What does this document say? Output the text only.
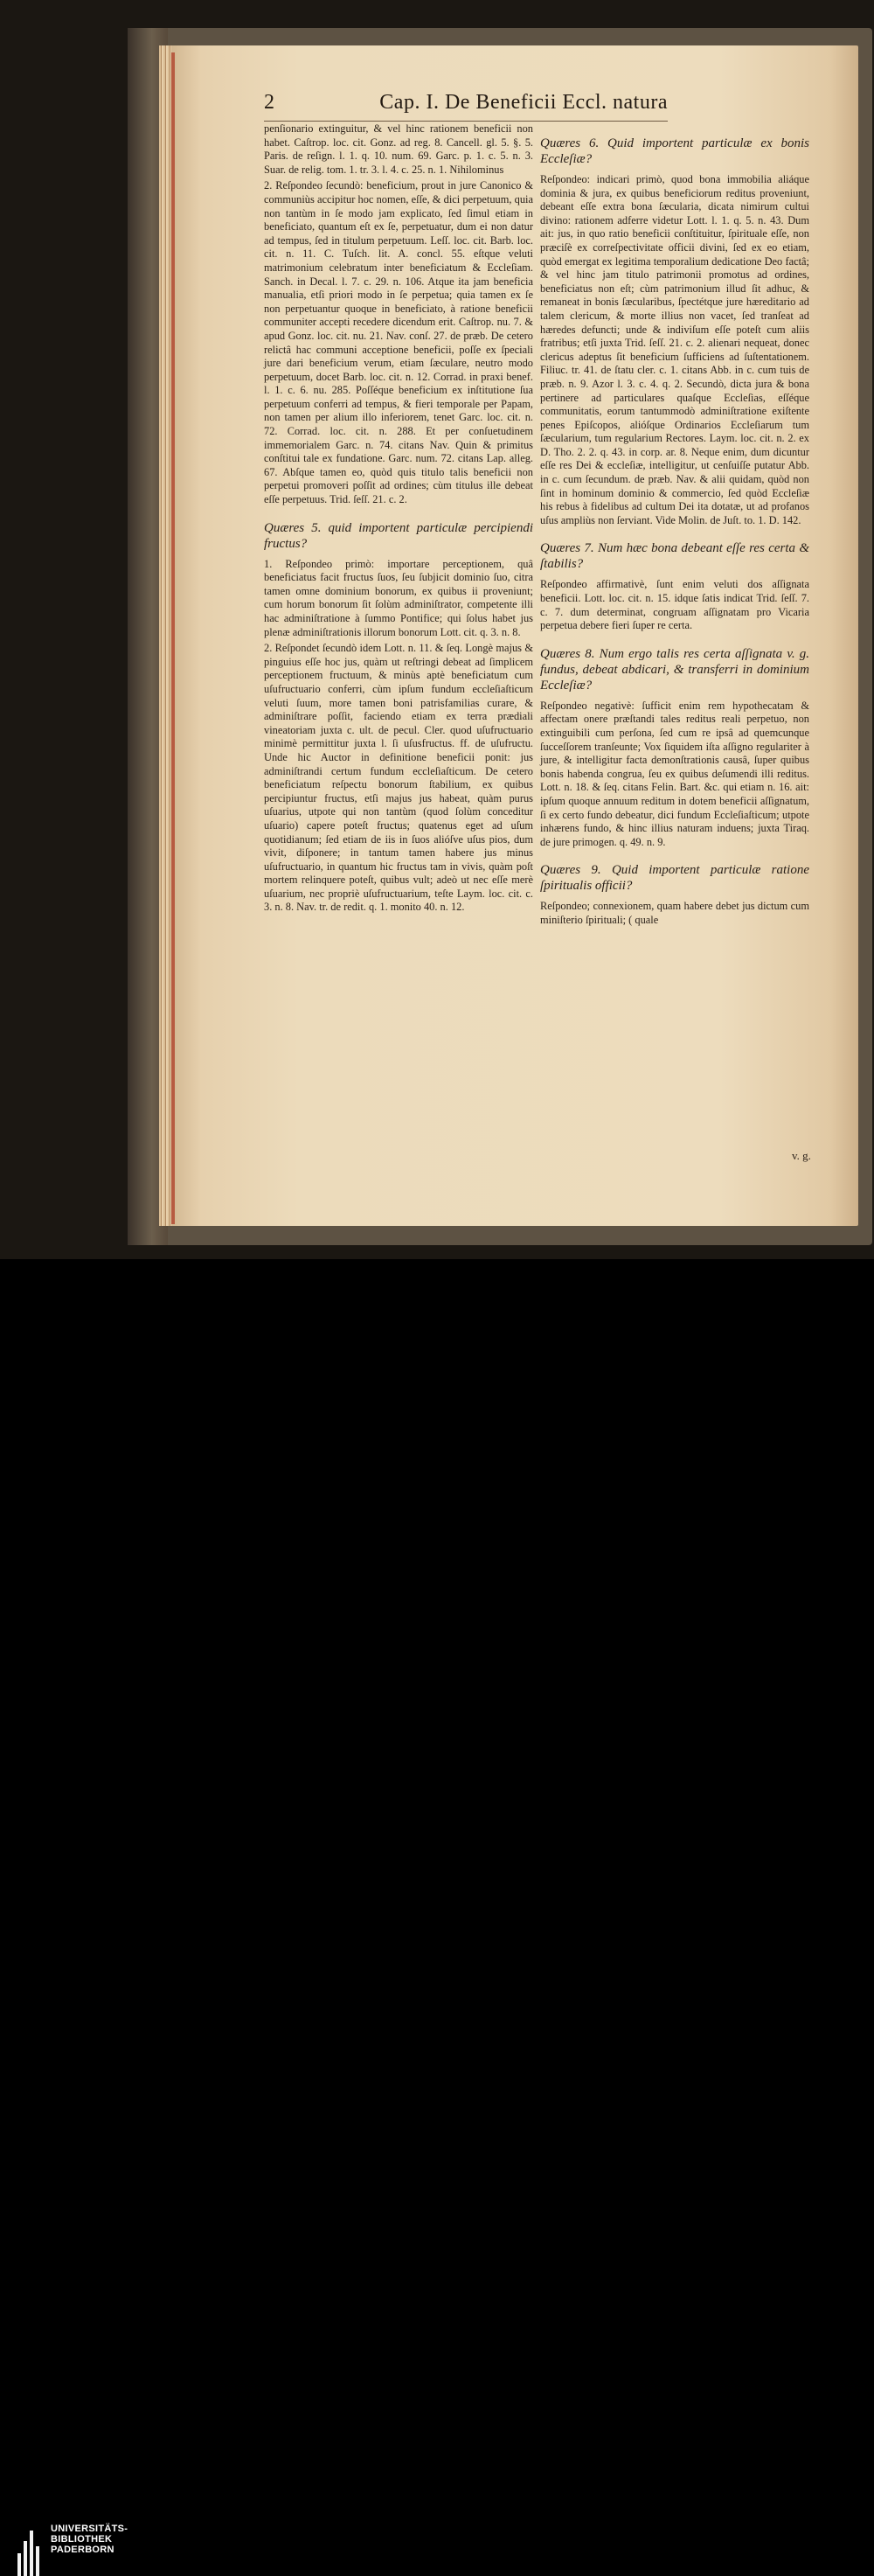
2	Cap. I. De Beneficii Eccl. natura

penſionario extinguitur, & vel hinc rationem beneficii non habet. Caſtrop. loc. cit. Gonz. ad reg. 8. Cancell. gl. 5. §. 5. Paris. de reſign. l. 1. q. 10. num. 69. Garc. p. 1. c. 5. n. 3. Suar. de relig. tom. 1. tr. 3. l. 4. c. 25. n. 1. Nihilominus

2. Reſpondeo ſecundò: beneficium, prout in jure Canonico & communiùs accipitur hoc nomen, eſſe, & dici perpetuum, quia non tantùm in ſe modo jam explicato, ſed ſimul etiam in beneficiato, quantum eſt ex ſe, perpetuatur, dum ei non datur ad tempus, ſed in titulum perpetuum. Leſſ. loc. cit. Barb. loc. cit. n. 11. C. Tuſch. lit. A. concl. 55. eſtque veluti matrimonium celebratum inter beneficiatum & Eccleſiam. Sanch. in Decal. l. 7. c. 29. n. 106. Atque ita jam beneficia manualia, etſi priori modo in ſe perpetua; quia tamen ex ſe non perpetuantur quoque in beneficiato, à ratione beneficii communiter accepti recedere dicendum erit. Caſtrop. nu. 7. & apud Gonz. loc. cit. nu. 21. Nav. conſ. 27. de præb. De cetero relictâ hac communi acceptione beneficii, poſſe ex ſpeciali jure dari beneficium verum, etiam ſæculare, neutro modo perpetuum, docet Barb. loc. cit. n. 12. Corrad. in praxi benef. l. 1. c. 6. nu. 285. Poſſéque beneficium ex inſtitutione ſua perpetuum conferri ad tempus, & fieri temporale per Papam, non tamen per alium illo inferiorem, tenet Garc. loc. cit. n. 72. Corrad. loc. cit. n. 288. Et per conſuetudinem immemorialem Garc. n. 74. citans Nav. Quin & primitus conſtitui tale ex fundatione. Garc. num. 72. citans Lap. alleg. 67. Abſque tamen eo, quòd quis titulo talis beneficii non perpetui promoveri poſſit ad ordines; cùm titulus ille debeat eſſe perpetuus. Trid. ſeſſ. 21. c. 2.

Quæres 5. quid importent particulæ percipiendi fructus?

1. Reſpondeo primò: importare perceptionem, quâ beneficiatus facit fructus ſuos, ſeu ſubjicit dominio ſuo, citra tamen omne dominium bonorum, ex quibus ii proveniunt; cum horum bonorum ſit ſolùm adminiſtrator, competente illi hac adminiſtratione à ſummo Pontifice; qui ſolus habet jus plenæ adminiſtrationis illorum bonorum Lott. cit. q. 3. n. 8.

2. Reſpondet ſecundò idem Lott. n. 11. & ſeq. Longè majus & pinguius eſſe hoc jus, quàm ut reſtringi debeat ad ſimplicem perceptionem fructuum, & minùs aptè beneficiatum cum uſufructuario conferri, cùm ipſum fundum eccleſiaſticum veluti ſuum, more tamen boni patrisfamilias curare, & adminiſtrare poſſit, faciendo etiam ex terra prædiali vineatoriam juxta c. ult. de pecul. Cler. quod uſufructuario minimè permittitur juxta l. ſi uſusfructus. ff. de uſufructu. Unde hic Auctor in definitione beneficii ponit: jus adminiſtrandi certum fundum eccleſiaſticum. De cetero beneficiatum reſpectu bonorum ſtabilium, ex quibus percipiuntur fructus, etſi majus jus habeat, quàm purus uſuarius, utpote qui non tantùm (quod ſolùm conceditur uſuario) capere poteſt fructus; quatenus eget ad uſum quotidianum; ſed etiam de iis in ſuos alióſve uſus pios, dum vivit, diſponere; in tantum tamen habere jus minus uſufructuario, in quantum hic fructus tam in vivis, quàm poſt mortem relinquere poteſt, quibus vult; adeò ut nec eſſe merè uſuarium, nec propriè uſufructuarium, teſte Laym. loc. cit. c. 3. n. 8. Nav. tr. de redit. q. 1. monito 40. n. 12.

Quæres 6. Quid importent particulæ ex bonis Eccleſiæ?

Reſpondeo: indicari primò, quod bona immobilia aliáque dominia & jura, ex quibus beneficiorum reditus proveniunt, debeant eſſe extra bona ſæcularia, dicata nimirum cultui divino: rationem adferre videtur Lott. l. 1. q. 5. n. 43. Dum ait: jus, in quo ratio beneficii conſtituitur, ſpirituale eſſe, non præciſè ex correſpectivitate officii divini, ſed ex eo etiam, quòd emergat ex legitima temporalium dedicatione Deo factâ; & vel hinc jam titulo patrimonii promotus ad ordines, beneficiatus non eſt; cùm patrimonium illud ſit adhuc, & remaneat in bonis ſæcularibus, ſpectétque jure hæreditario ad talem clericum, & morte illius non vacet, ſed tranſeat ad hæredes defuncti; unde & indiviſum eſſe poteſt cum aliis fratribus; etſi juxta Trid. ſeſſ. 21. c. 2. alienari nequeat, donec clericus adeptus ſit beneficium ſufficiens ad ſuſtentationem. Filiuc. tr. 41. de ſtatu cler. c. 1. citans Abb. in c. cum tuis de præb. n. 9. Azor l. 3. c. 4. q. 2. Secundò, dicta jura & bona pertinere ad particulares quaſque Eccleſias, eſſéque communitatis, eorum tantummodò adminiſtratione exiſtente penes Epiſcopos, alióſque Ordinarios Eccleſiarum tum ſæcularium, tum regularium Rectores. Laym. loc. cit. n. 2. ex D. Tho. 2. 2. q. 43. in corp. ar. 8. Neque enim, dum dicuntur eſſe res Dei & eccleſiæ, intelligitur, ut cenſuiſſe putatur Abb. in c. cum ſecundum. de præb. Nav. & alii quidam, quòd non ſint in hominum dominio & commercio, ſed quòd Eccleſiæ his rebus à fidelibus ad cultum Dei ita dotatæ, ut ad profanos uſus ampliùs non ſerviant. Vide Molin. de Juſt. to. 1. D. 142.

Quæres 7. Num hæc bona debeant eſſe res certa & ſtabilis?

Reſpondeo affirmativè, ſunt enim veluti dos aſſignata beneficii. Lott. loc. cit. n. 15. idque ſatis indicat Trid. ſeſſ. 7. c. 7. dum determinat, congruam aſſignatam pro Vicaria perpetua debere fieri ſuper re certa.

Quæres 8. Num ergo talis res certa aſſignata v. g. fundus, debeat abdicari, & transferri in dominium Eccleſiæ?

Reſpondeo negativè: ſufficit enim rem hypothecatam & affectam onere præſtandi tales reditus reali perpetuo, non extinguibili cum perſona, ſed cum re ipsâ ad quemcunque ſucceſſorem tranſeunte; Vox ſiquidem iſta aſſigno regulariter à jure, & intelligitur facta demonſtrationis causâ, ſuper quibus bonis habenda congrua, ſeu ex quibus deſumendi illi reditus. Lott. n. 18. & ſeq. citans Felin. Bart. &c. qui etiam n. 16. ait: ipſum quoque annuum reditum in dotem beneficii aſſignatum, ſi ex certo fundo debeatur, dici fundum Eccleſiaſticum; utpote inhærens fundo, & hinc illius naturam induens; juxta Tiraq. de jure primogen. q. 49. n. 9.

Quæres 9. Quid importent particulæ ratione ſpiritualis officii?

Reſpondeo; connexionem, quam habere debet jus dictum cum miniſterio ſpirituali; ( quale

v. g.
UNIVERSITÄTS-
BIBLIOTHEK
PADERBORN
